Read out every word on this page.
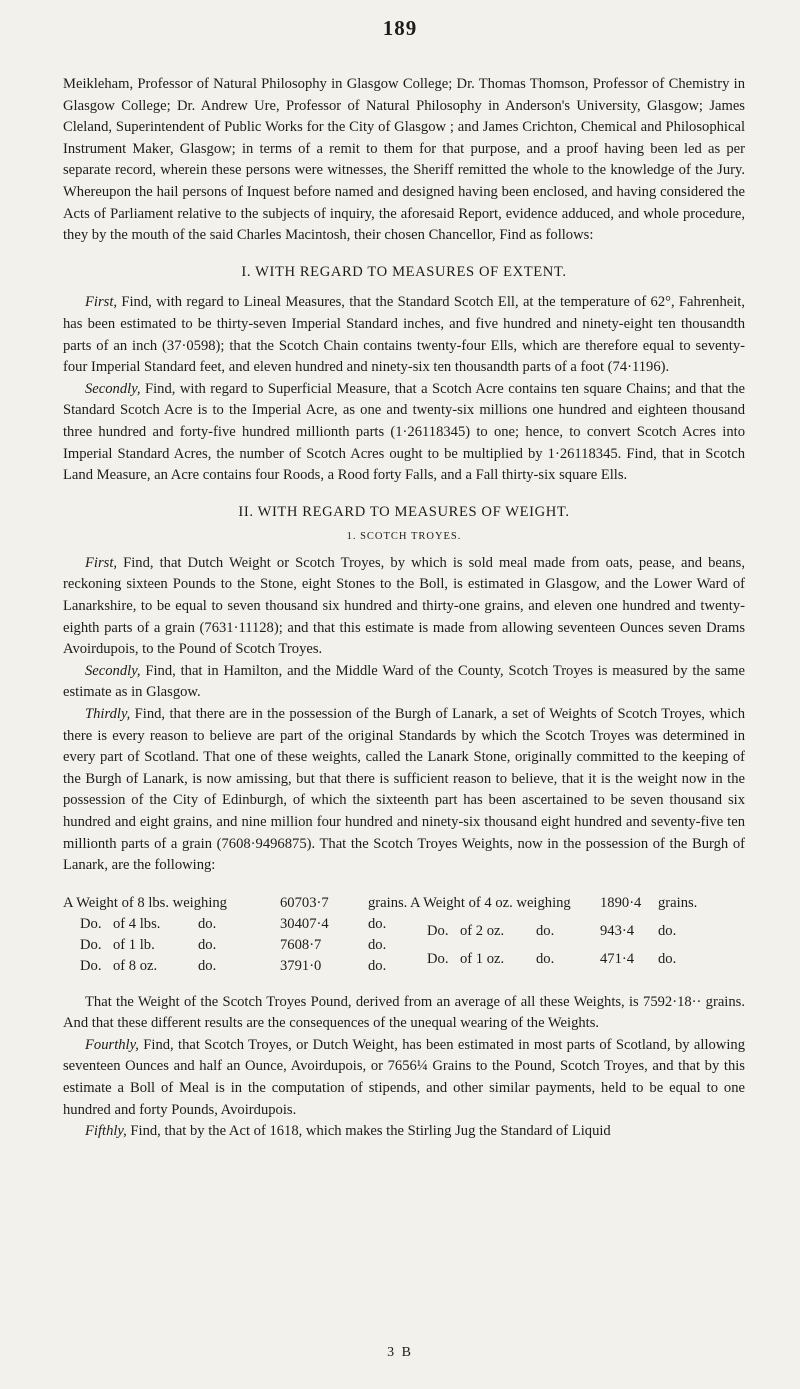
189

Meikleham, Professor of Natural Philosophy in Glasgow College; Dr. Thomas Thomson, Professor of Chemistry in Glasgow College; Dr. Andrew Ure, Professor of Natural Philosophy in Anderson's University, Glasgow; James Cleland, Superintendent of Public Works for the City of Glasgow ; and James Crichton, Chemical and Philosophical Instrument Maker, Glasgow; in terms of a remit to them for that purpose, and a proof having been led as per separate record, wherein these persons were witnesses, the Sheriff remitted the whole to the knowledge of the Jury. Whereupon the hail persons of Inquest before named and designed having been enclosed, and having considered the Acts of Parliament relative to the subjects of inquiry, the aforesaid Report, evidence adduced, and whole procedure, they by the mouth of the said Charles Macintosh, their chosen Chancellor, Find as follows:

I. WITH REGARD TO MEASURES OF EXTENT.

First, Find, with regard to Lineal Measures, that the Standard Scotch Ell, at the temperature of 62°, Fahrenheit, has been estimated to be thirty-seven Imperial Standard inches, and five hundred and ninety-eight ten thousandth parts of an inch (37·0598); that the Scotch Chain contains twenty-four Ells, which are therefore equal to seventy-four Imperial Standard feet, and eleven hundred and ninety-six ten thousandth parts of a foot (74·1196).

Secondly, Find, with regard to Superficial Measure, that a Scotch Acre contains ten square Chains; and that the Standard Scotch Acre is to the Imperial Acre, as one and twenty-six millions one hundred and eighteen thousand three hundred and forty-five hundred millionth parts (1·26118345) to one; hence, to convert Scotch Acres into Imperial Standard Acres, the number of Scotch Acres ought to be multiplied by 1·26118345. Find, that in Scotch Land Measure, an Acre contains four Roods, a Rood forty Falls, and a Fall thirty-six square Ells.

II. WITH REGARD TO MEASURES OF WEIGHT.
1. SCOTCH TROYES.

First, Find, that Dutch Weight or Scotch Troyes, by which is sold meal made from oats, pease, and beans, reckoning sixteen Pounds to the Stone, eight Stones to the Boll, is estimated in Glasgow, and the Lower Ward of Lanarkshire, to be equal to seven thousand six hundred and thirty-one grains, and eleven one hundred and twenty-eighth parts of a grain (7631·11128); and that this estimate is made from allowing seventeen Ounces seven Drams Avoirdupois, to the Pound of Scotch Troyes.

Secondly, Find, that in Hamilton, and the Middle Ward of the County, Scotch Troyes is measured by the same estimate as in Glasgow.

Thirdly, Find, that there are in the possession of the Burgh of Lanark, a set of Weights of Scotch Troyes, which there is every reason to believe are part of the original Standards by which the Scotch Troyes was determined in every part of Scotland. That one of these weights, called the Lanark Stone, originally committed to the keeping of the Burgh of Lanark, is now amissing, but that there is sufficient reason to believe, that it is the weight now in the possession of the City of Edinburgh, of which the sixteenth part has been ascertained to be seven thousand six hundred and eight grains, and nine million four hundred and ninety-six thousand eight hundred and seventy-five ten millionth parts of a grain (7608·9496875). That the Scotch Troyes Weights, now in the possession of the Burgh of Lanark, are the following:

A Weight of 8 lbs. weighing	60703·7	grains.
Do. of 4 lbs.	do.	30407·4	do.
Do. of 1 lb.	do.	7608·7	do.
Do. of 8 oz.	do.	3791·0	do.
A Weight of 4 oz. weighing	1890·4	grains.
Do. of 2 oz.	do.	943·4	do.
Do. of 1 oz.	do.	471·4	do.

That the Weight of the Scotch Troyes Pound, derived from an average of all these Weights, is 7592·18·· grains. And that these different results are the consequences of the unequal wearing of the Weights.

Fourthly, Find, that Scotch Troyes, or Dutch Weight, has been estimated in most parts of Scotland, by allowing seventeen Ounces and half an Ounce, Avoirdupois, or 7656¼ Grains to the Pound, Scotch Troyes, and that by this estimate a Boll of Meal is in the computation of stipends, and other similar payments, held to be equal to one hundred and forty Pounds, Avoirdupois.

Fifthly, Find, that by the Act of 1618, which makes the Stirling Jug the Standard of Liquid

3 B
